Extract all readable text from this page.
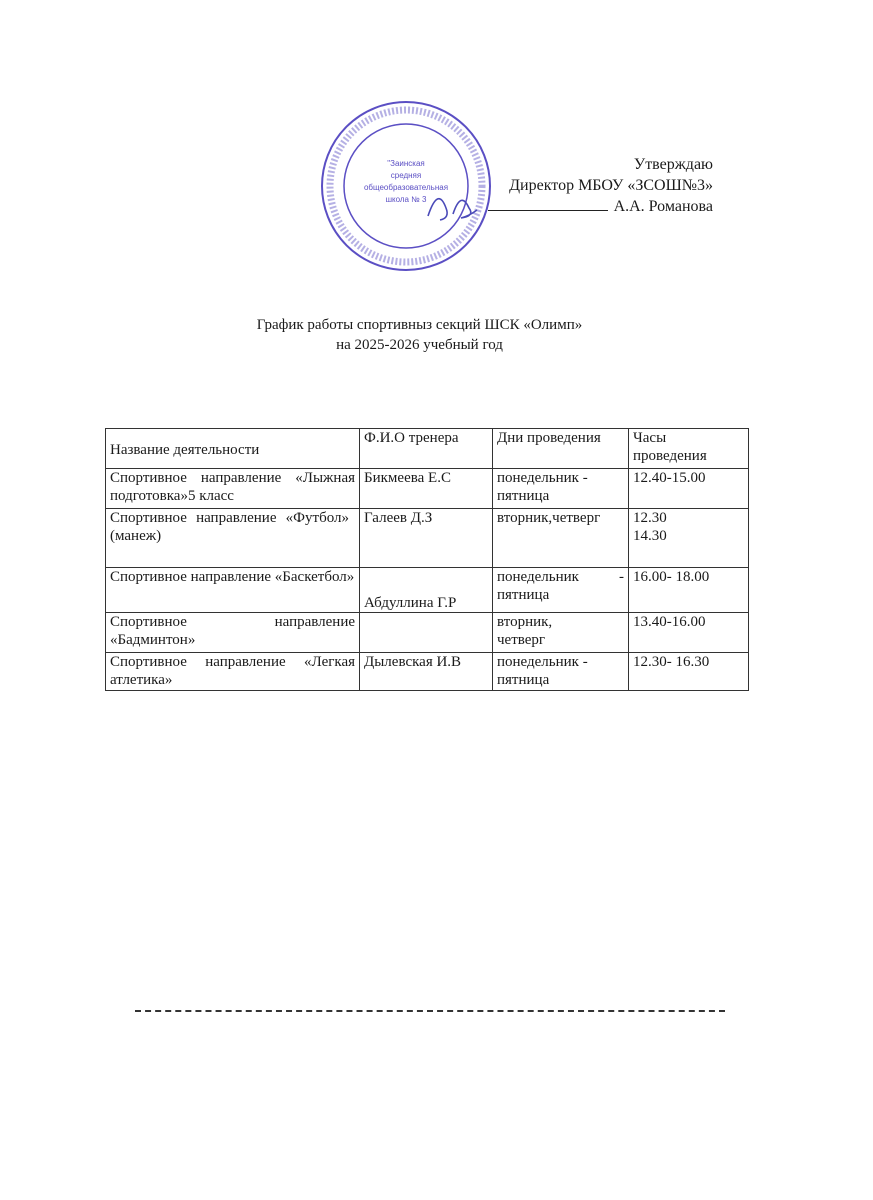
"Заинская
средняя
общеобразовательная
школа № 3
Утверждаю
Директор МБОУ «ЗСОШ№3»
А.А. Романова
График работы спортивныз секций ШСК «Олимп»
на 2025-2026 учебный год
Название деятельности	Ф.И.О тренера	Дни проведения	Часы проведения
Спортивное направление «Лыжная подготовка»5 класс	Бикмеева Е.С	понедельник - пятница	12.40-15.00
Спортивное направление «Футбол» (манеж)	Галеев Д.З	вторник,четверг	12.30 14.30
Спортивное направление «Баскетбол»	Абдуллина Г.Р	понедельник - пятница	16.00- 18.00
Спортивное направление «Бадминтон»		вторник, четверг	13.40-16.00
Спортивное направление «Легкая атлетика»	Дылевская И.В	понедельник - пятница	12.30- 16.30
